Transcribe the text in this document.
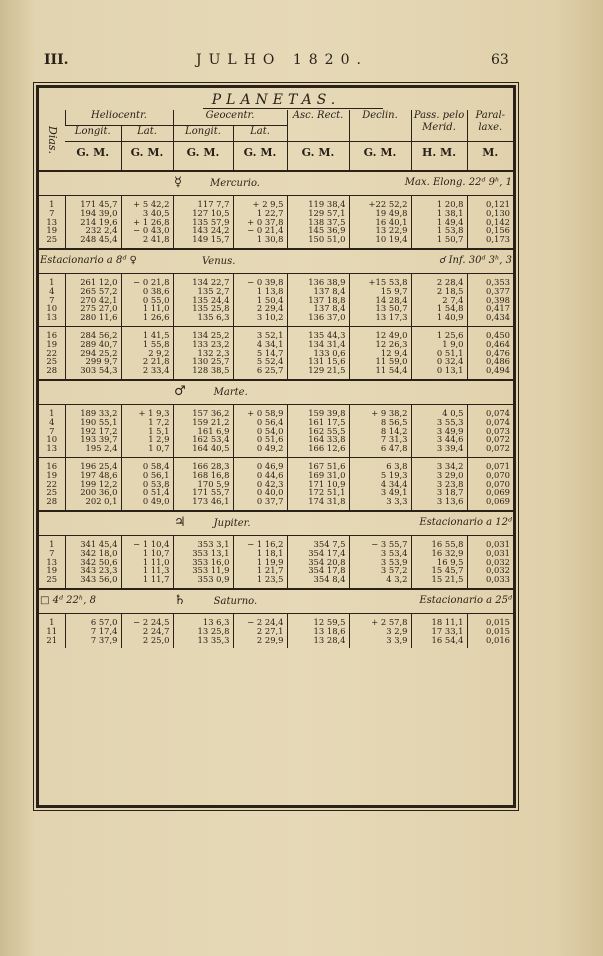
III.	JULHO 1820.	63
PLANETAS.
Dias.	Heliocentr.		Geocentr.		Asc. Rect.	Declin.	Pass. pelo Merid.	Paral-laxe.
	Longit.	Lat.	Longit.	Lat.				
	G. M.	G. M.	G. M.	G. M.	G. M.	G. M.	H. M.	M.
			☿ Mercurio.			Max. Elong. 22ᵈ 9ʰ, 1		
1	171 45,7	+ 5 42,2	117 7,7	+ 2 9,5	119 38,4	+22 52,2	1 20,8	0,121
7	194 39,0	3 40,5	127 10,5	1 22,7	129 57,1	19 49,8	1 38,1	0,130
13	214 19,6	+ 1 26,8	135 57,9	+ 0 37,8	138 37,5	16 40,1	1 49,4	0,142
19	232 2,4	− 0 43,0	143 24,2	− 0 21,4	145 36,9	13 22,9	1 53,8	0,156
25	248 45,4	2 41,8	149 15,7	1 30,8	150 51,0	10 19,4	1 50,7	0,173
Estacionario a 8ᵈ ♀			Venus.			☌ Inf. 30ᵈ 3ʰ, 3		
1	261 12,0	− 0 21,8	134 22,7	− 0 39,8	136 38,9	+15 53,8	2 28,4	0,353
4	265 57,2	0 38,6	135 2,7	1 13,8	137 8,4	15 9,7	2 18,5	0,377
7	270 42,1	0 55,0	135 24,4	1 50,4	137 18,8	14 28,4	2 7,4	0,398
10	275 27,0	1 11,0	135 25,8	2 29,4	137 8,4	13 50,7	1 54,8	0,417
13	280 11,6	1 26,6	135 6,3	3 10,2	136 37,0	13 17,3	1 40,9	0,434
16	284 56,2	1 41,5	134 25,2	3 52,1	135 44,3	12 49,0	1 25,6	0,450
19	289 40,7	1 55,8	133 23,2	4 34,1	134 31,4	12 26,3	1 9,0	0,464
22	294 25,2	2 9,2	132 2,3	5 14,7	133 0,6	12 9,4	0 51,1	0,476
25	299 9,7	2 21,8	130 25,7	5 52,4	131 15,6	11 59,0	0 32,4	0,486
28	303 54,3	2 33,4	128 38,5	6 25,7	129 21,5	11 54,4	0 13,1	0,494
			♂ Marte.					
1	189 33,2	+ 1 9,3	157 36,2	+ 0 58,9	159 39,8	+ 9 38,2	4 0,5	0,074
4	190 55,1	1 7,2	159 21,2	0 56,4	161 17,5	8 56,5	3 55,3	0,074
7	192 17,2	1 5,1	161 6,9	0 54,0	162 55,5	8 14,2	3 49,9	0,073
10	193 39,7	1 2,9	162 53,4	0 51,6	164 33,8	7 31,3	3 44,6	0,072
13	195 2,4	1 0,7	164 40,5	0 49,2	166 12,6	6 47,8	3 39,4	0,072
16	196 25,4	0 58,4	166 28,3	0 46,9	167 51,6	6 3,8	3 34,2	0,071
19	197 48,6	0 56,1	168 16,8	0 44,6	169 31,0	5 19,3	3 29,0	0,070
22	199 12,2	0 53,8	170 5,9	0 42,3	171 10,9	4 34,4	3 23,8	0,070
25	200 36,0	0 51,4	171 55,7	0 40,0	172 51,1	3 49,1	3 18,7	0,069
28	202 0,1	0 49,0	173 46,1	0 37,7	174 31,8	3 3,3	3 13,6	0,069
			♃ Jupiter.			Estacionario a 12ᵈ		
1	341 45,4	− 1 10,4	353 3,1	− 1 16,2	354 7,5	− 3 55,7	16 55,8	0,031
7	342 18,0	1 10,7	353 13,1	1 18,1	354 17,4	3 53,4	16 32,9	0,031
13	342 50,6	1 11,0	353 16,0	1 19,9	354 20,8	3 53,9	16 9,5	0,032
19	343 23,3	1 11,3	353 11,9	1 21,7	354 17,8	3 57,2	15 45,7	0,032
25	343 56,0	1 11,7	353 0,9	1 23,5	354 8,4	4 3,2	15 21,5	0,033
□ 4ᵈ 22ʰ, 8			♄ Saturno.			Estacionario a 25ᵈ		
1	6 57,0	− 2 24,5	13 6,3	− 2 24,4	12 59,5	+ 2 57,8	18 11,1	0,015
11	7 17,4	2 24,7	13 25,8	2 27,1	13 18,6	3 2,9	17 33,1	0,015
21	7 37,9	2 25,0	13 35,3	2 29,9	13 28,4	3 3,9	16 54,4	0,016
